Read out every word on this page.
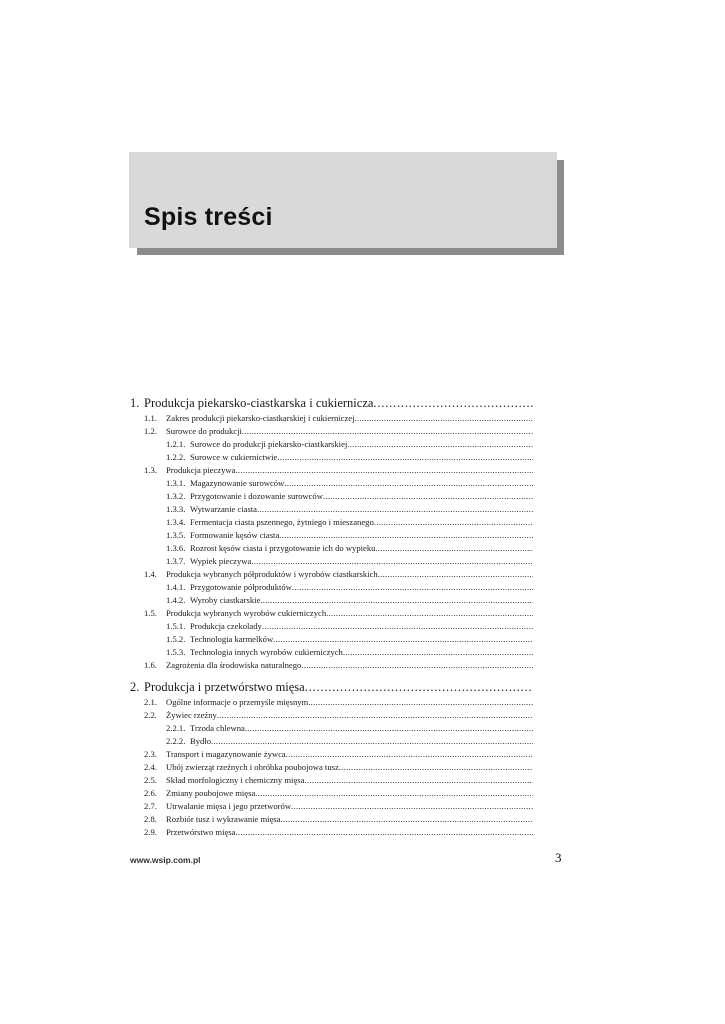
Spis treści
1. Produkcja piekarsko-ciastkarska i cukiernicza
.....
1.1.	Zakres produkcji piekarsko-ciastkarskiej i cukierniczej
.....
1.2.	Surowce do produkcji
.....
1.2.1. Surowce do produkcji piekarsko-ciastkarskiej
.....
1.2.2. Surowce w cukiernictwie
.....
1.3.	Produkcja pieczywa
.....
1.3.1. Magazynowanie surowców
.....
1.3.2. Przygotowanie i dozowanie surowców
.....
1.3.3. Wytwarzanie ciasta
.....
1.3.4. Fermentacja ciasta pszennego, żytniego i mieszanego
.....
1.3.5. Formowanie kęsów ciasta
.....
1.3.6. Rozrost kęsów ciasta i przygotowanie ich do wypieku
.....
1.3.7. Wypiek pieczywa
.....
1.4.	Produkcja wybranych półproduktów i wyrobów ciastkarskich
.....
1.4.1. Przygotowanie półproduktów
.....
1.4.2. Wyroby ciastkarskie
.....
1.5.	Produkcja wybranych wyrobów cukierniczych
.....
1.5.1. Produkcja czekolady
.....
1.5.2. Technologia karmelków
.....
1.5.3. Technologia innych wyrobów cukierniczych
.....
1.6.	Zagrożenia dla środowiska naturalnego
.....
2. Produkcja i przetwórstwo mięsa
.....
2.1.	Ogólne informacje o przemyśle mięsnym
.....
2.2.	Żywiec rzeźny
.....
2.2.1. Trzoda chlewna
.....
2.2.2. Bydło
.....
2.3.	Transport i magazynowanie żywca
.....
2.4.	Ubój zwierząt rzeźnych i obróbka poubojowa tusz
.....
2.5.	Skład morfologiczny i chemiczny mięsa
.....
2.6.	Zmiany poubojowe mięsa
.....
2.7.	Utrwalanie mięsa i jego przetworów
.....
2.8.	Rozbiór tusz i wykrawanie mięsa
.....
2.9.	Przetwórstwo mięsa
.....
www.wsip.com.pl	3
